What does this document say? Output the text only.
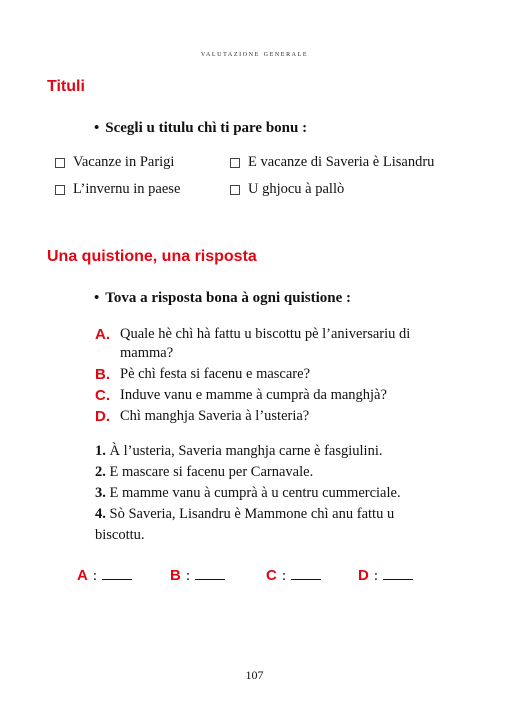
valutazione generale
Tituli
• Scegli u titulu chì ti pare bonu :
Vacanze in Parigi	E vacanze di Saveria è Lisandru
L’invernu in paese	U ghjocu à pallò
Una quistione, una risposta
• Tova a risposta bona à ogni quistione :
A. Quale hè chì hà fattu u biscottu pè l’aniversariu di mamma?
B. Pè chì festa si facenu e mascare?
C. Induve vanu e mamme à cumprà da manghjà?
D. Chì manghja Saveria à l’usteria?
1. À l’usteria, Saveria manghja carne è fasgiulini.
2. E mascare si facenu per Carnavale.
3. E mamme vanu à cumprà à u centru cummerciale.
4. Sò Saveria, Lisandru è Mammone chì anu fattu u biscottu.
A :	B :	C :	D :
107
